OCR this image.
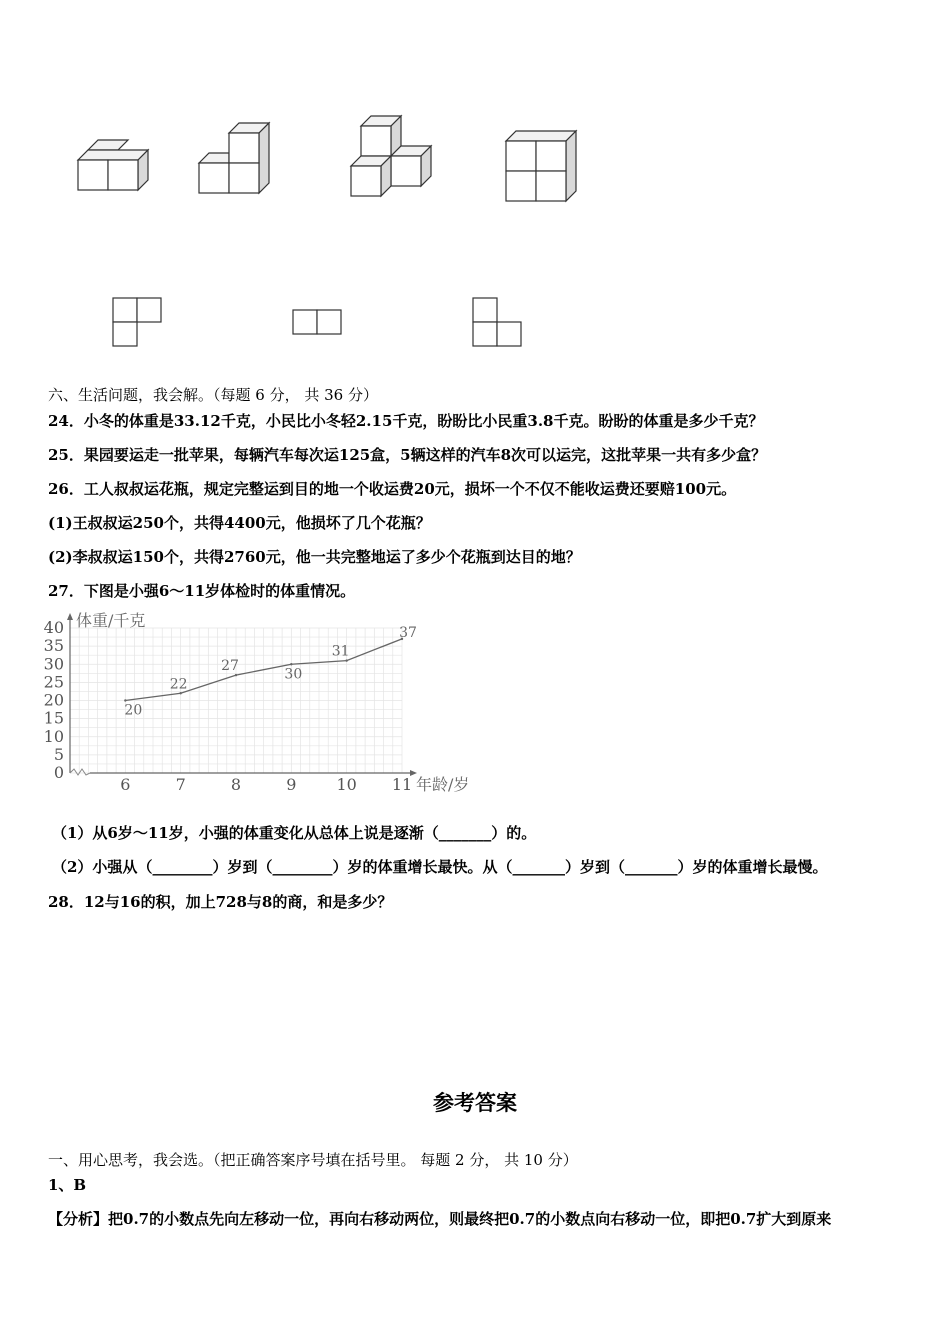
六、生活问题，我会解。（每题 6 分， 共 36 分）
24．小冬的体重是33.12千克，小民比小冬轻2.15千克，盼盼比小民重3.8千克。盼盼的体重是多少千克？
25．果园要运走一批苹果，每辆汽车每次运125盒，5辆这样的汽车8次可以运完，这批苹果一共有多少盒？
26．工人叔叔运花瓶，规定完整运到目的地一个收运费20元，损坏一个不仅不能收运费还要赔100元。
(1)王叔叔运250个，共得4400元，他损坏了几个花瓶？
(2)李叔叔运150个，共得2760元，他一共完整地运了多少个花瓶到达目的地？
27．下图是小强6～11岁体检时的体重情况。
0
5
10
15
20
25
30
35
40
6	7	8	9	10 11
体重/千克
年龄/岁
20
22
27
30
31
37
（1）从6岁～11岁，小强的体重变化从总体上说是逐渐（_______）的。
（2）小强从（________）岁到（________）岁的体重增长最快。从（_______）岁到（_______）岁的体重增长最慢。
28．12与16的积，加上728与8的商，和是多少？
参考答案
一、用心思考，我会选。（把正确答案序号填在括号里。 每题 2 分， 共 10 分）
1、B
【分析】把0.7的小数点先向左移动一位，再向右移动两位，则最终把0.7的小数点向右移动一位，即把0.7扩大到原来
